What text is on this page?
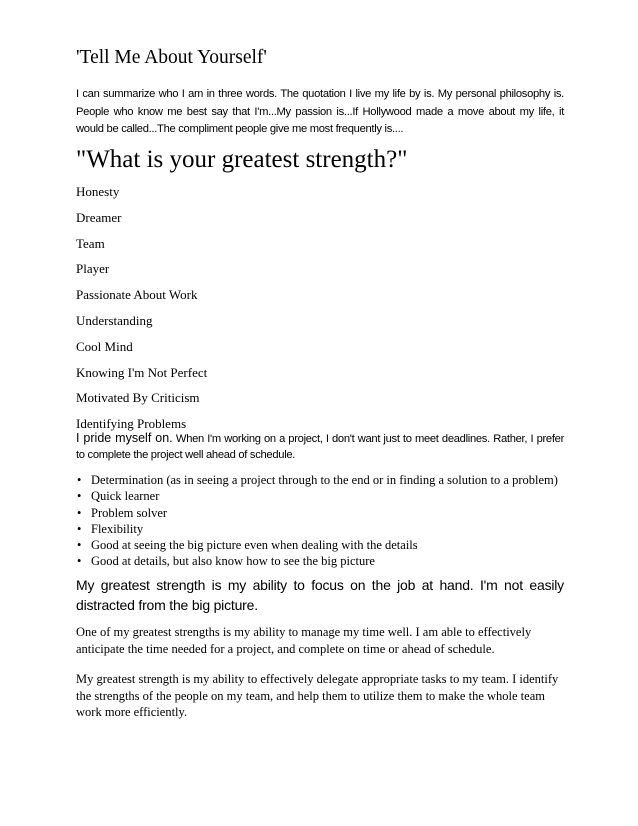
'Tell Me About Yourself'
I can summarize who I am in three words. The quotation I live my life by is. My personal philosophy is. People who know me best say that I'm...My passion is...If Hollywood made a move about my life, it would be called...The compliment people give me most frequently is....
"What is your greatest strength?"
Honesty
Dreamer
Team
Player
Passionate About Work
Understanding
Cool Mind
Knowing I'm Not Perfect
Motivated By Criticism
Identifying Problems
I pride myself on. When I'm working on a project, I don't want just to meet deadlines. Rather, I prefer to complete the project well ahead of schedule.
• Determination (as in seeing a project through to the end or in finding a solution to a problem)
• Quick learner
• Problem solver
• Flexibility
• Good at seeing the big picture even when dealing with the details
• Good at details, but also know how to see the big picture
My greatest strength is my ability to focus on the job at hand. I'm not easily distracted from the big picture.
One of my greatest strengths is my ability to manage my time well. I am able to effectively anticipate the time needed for a project, and complete on time or ahead of schedule.
My greatest strength is my ability to effectively delegate appropriate tasks to my team. I identify the strengths of the people on my team, and help them to utilize them to make the whole team work more efficiently.
